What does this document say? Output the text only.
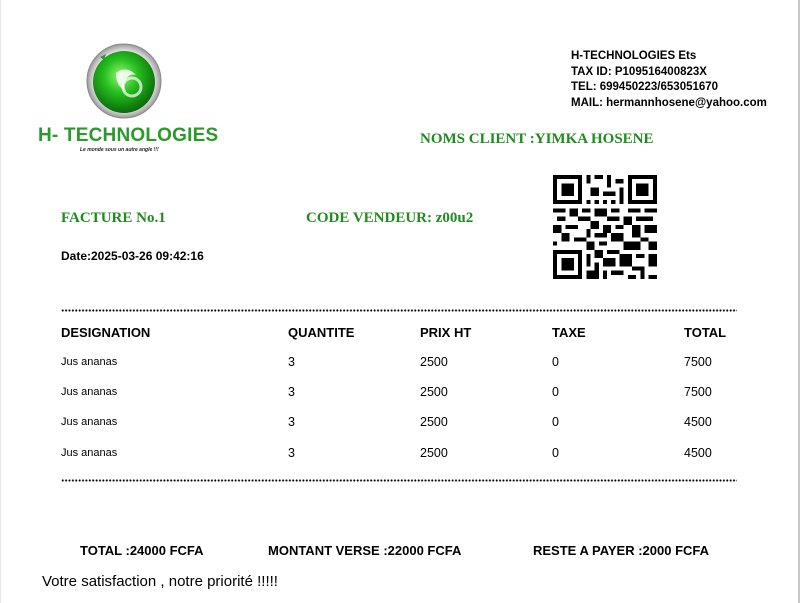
H- TECHNOLOGIES
Le monde sous un autre angle !!!
H-TECHNOLOGIES Ets
TAX ID: P109516400823X
TEL: 699450223/653051670
MAIL: hermannhosene@yahoo.com
NOMS CLIENT :YIMKA HOSENE
FACTURE No.1	CODE VENDEUR: z00u2
Date:2025-03-26 09:42:16
DESIGNATION	QUANTITE	PRIX HT	TAXE	TOTAL
Jus ananas	3	2500	0	7500
Jus ananas	3	2500	0	7500
Jus ananas	3	2500	0	4500
Jus ananas	3	2500	0	4500
TOTAL :24000 FCFA	MONTANT VERSE :22000 FCFA	RESTE A PAYER :2000 FCFA
Votre satisfaction , notre priorité !!!!!
